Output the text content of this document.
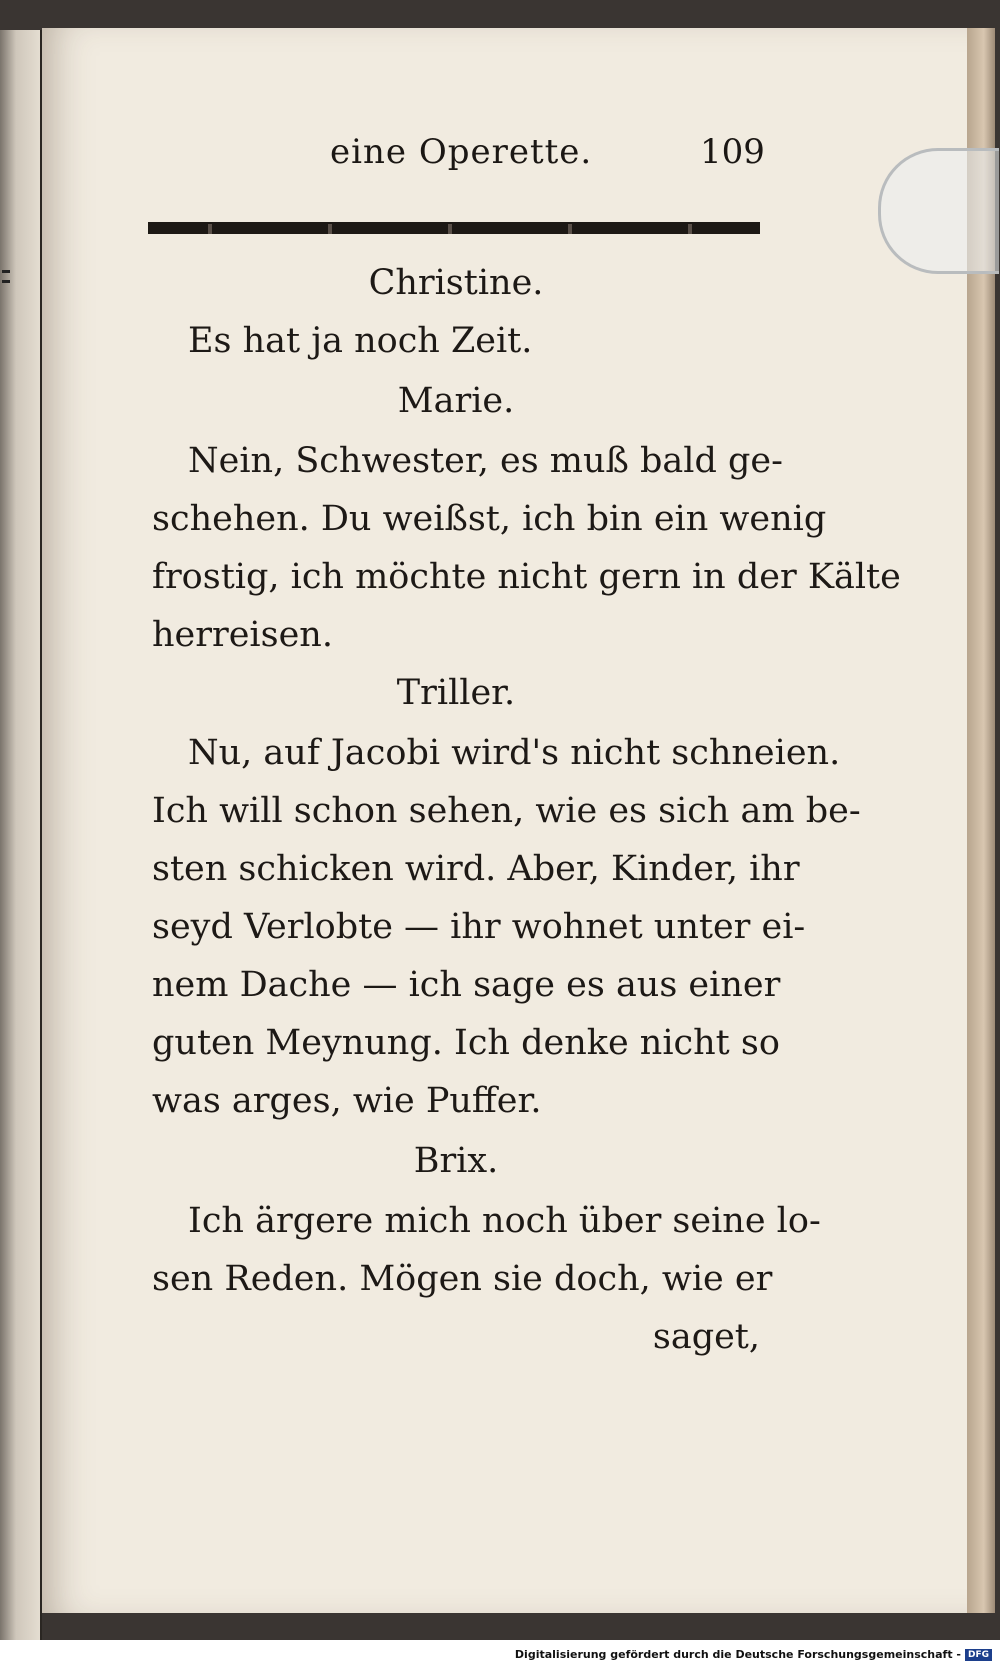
eine Operette.	109
Christine.
Es hat ja noch Zeit.
Marie.
Nein, Schwester, es muß bald ge-
schehen. Du weißst, ich bin ein wenig
frostig, ich möchte nicht gern in der Kälte
herreisen.
Triller.
Nu, auf Jacobi wird's nicht schneien.
Ich will schon sehen, wie es sich am be-
sten schicken wird. Aber, Kinder, ihr
seyd Verlobte — ihr wohnet unter ei-
nem Dache — ich sage es aus einer
guten Meynung. Ich denke nicht so
was arges, wie Puffer.
Brix.
Ich ärgere mich noch über seine lo-
sen Reden. Mögen sie doch, wie er
saget,
Digitalisierung gefördert durch die Deutsche Forschungsgemeinschaft - DFG
